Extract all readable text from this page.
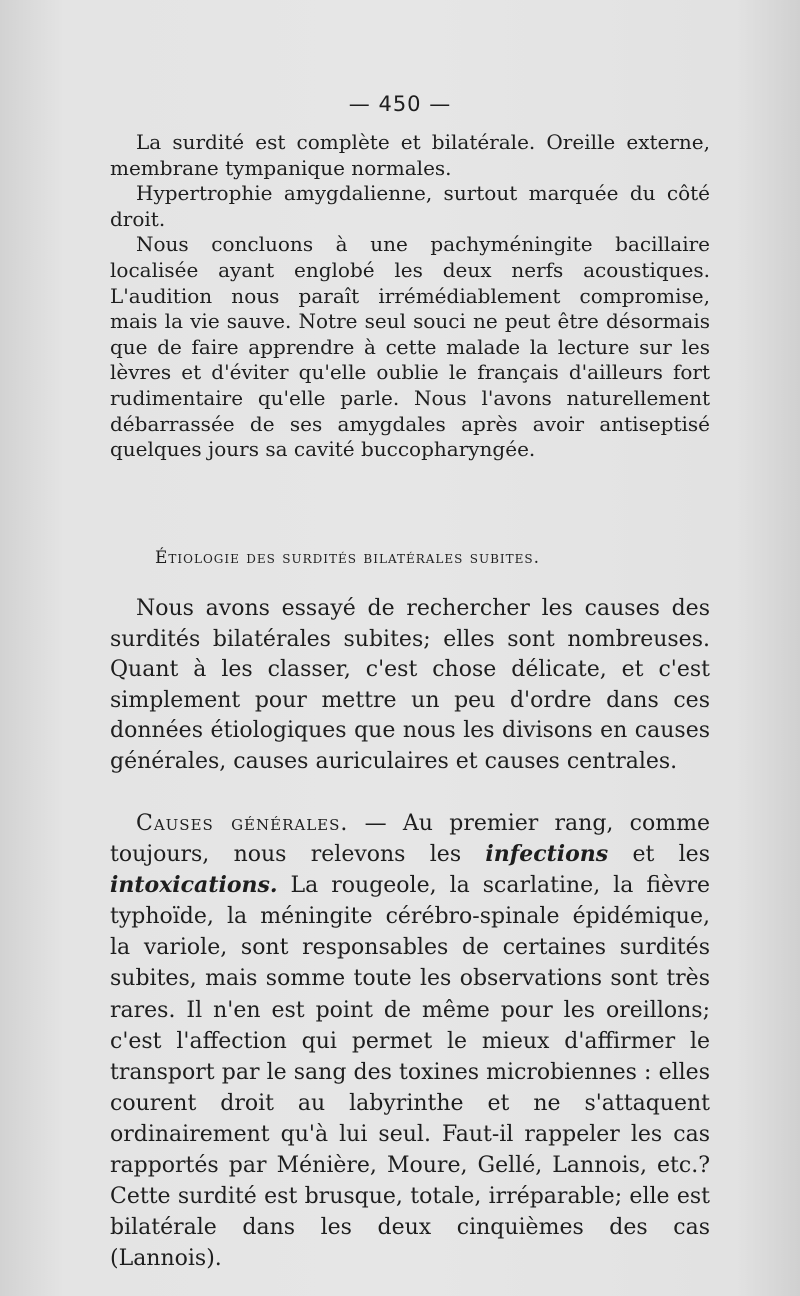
— 450 —

La surdité est complète et bilatérale. Oreille externe, membrane tympanique normales.

Hypertrophie amygdalienne, surtout marquée du côté droit.

Nous concluons à une pachyméningite bacillaire localisée ayant englobé les deux nerfs acoustiques. L'audition nous paraît irrémédiablement compromise, mais la vie sauve. Notre seul souci ne peut être désormais que de faire apprendre à cette malade la lecture sur les lèvres et d'éviter qu'elle oublie le français d'ailleurs fort rudimentaire qu'elle parle. Nous l'avons naturellement débarrassée de ses amygdales après avoir antiseptisé quelques jours sa cavité buccopharyngée.

Étiologie des surdités bilatérales subites.

Nous avons essayé de rechercher les causes des surdités bilatérales subites; elles sont nombreuses. Quant à les classer, c'est chose délicate, et c'est simplement pour mettre un peu d'ordre dans ces données étiologiques que nous les divisons en causes générales, causes auriculaires et causes centrales.

Causes générales. — Au premier rang, comme toujours, nous relevons les infections et les intoxications. La rougeole, la scarlatine, la fièvre typhoïde, la méningite cérébro-spinale épidémique, la variole, sont responsables de certaines surdités subites, mais somme toute les observations sont très rares. Il n'en est point de même pour les oreillons; c'est l'affection qui permet le mieux d'affirmer le transport par le sang des toxines microbiennes : elles courent droit au labyrinthe et ne s'attaquent ordinairement qu'à lui seul. Faut-il rappeler les cas rapportés par Ménière, Moure, Gellé, Lannois, etc.? Cette surdité est brusque, totale, irréparable; elle est bilatérale dans les deux cinquièmes des cas (Lannois).
